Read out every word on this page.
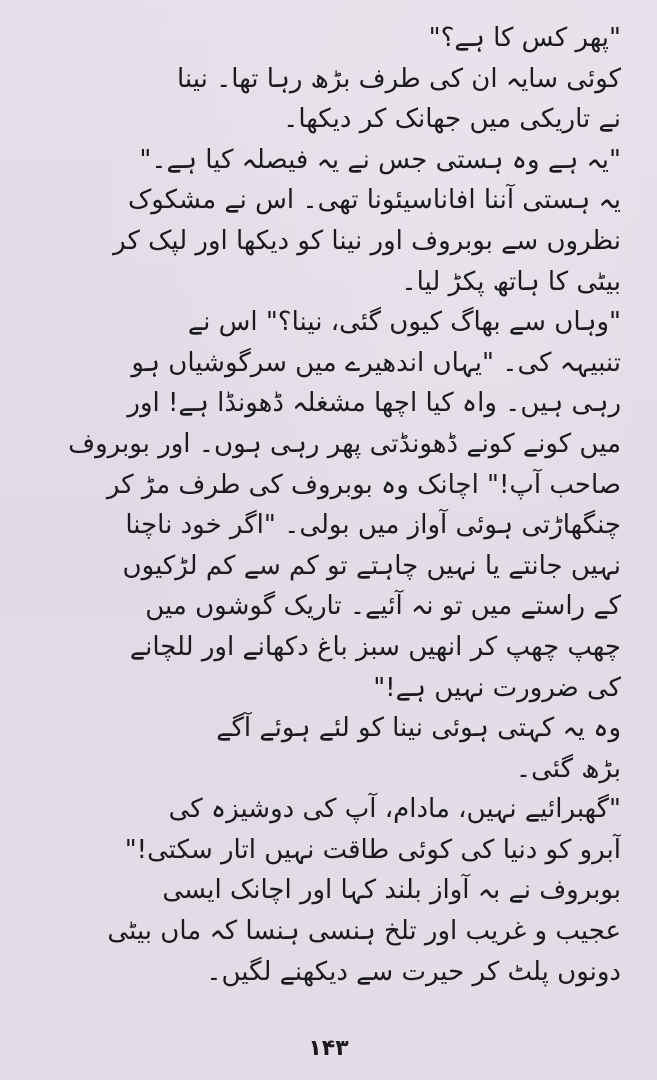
"پھر کس کا ہے؟"
کوئی سایہ ان کی طرف بڑھ رہا تھا۔ نینا
نے تاریکی میں جھانک کر دیکھا۔
"یہ ہے وہ ہستی جس نے یہ فیصلہ کیا ہے۔"
یہ ہستی آننا افاناسیئونا تھی۔ اس نے مشکوک
نظروں سے بوبروف اور نینا کو دیکھا اور لپک کر
بیٹی کا ہاتھ پکڑ لیا۔
"وہاں سے بھاگ کیوں گئی، نینا؟" اس نے
تنبیہہ کی۔ "یہاں اندھیرے میں سرگوشیاں ہو
رہی ہیں۔ واہ کیا اچھا مشغلہ ڈھونڈا ہے! اور
میں کونے کونے ڈھونڈتی پھر رہی ہوں۔ اور بوبروف
صاحب آپ!" اچانک وہ بوبروف کی طرف مڑ کر
چنگھاڑتی ہوئی آواز میں بولی۔ "اگر خود ناچنا
نہیں جانتے یا نہیں چاہتے تو کم سے کم لڑکیوں
کے راستے میں تو نہ آئیے۔ تاریک گوشوں میں
چھپ چھپ کر انھیں سبز باغ دکھانے اور للچانے
کی ضرورت نہیں ہے!"
وہ یہ کہتی ہوئی نینا کو لئے ہوئے آگے
بڑھ گئی۔
"گھبرائیے نہیں، مادام، آپ کی دوشیزہ کی
آبرو کو دنیا کی کوئی طاقت نہیں اتار سکتی!"
بوبروف نے بہ آواز بلند کہا اور اچانک ایسی
عجیب و غریب اور تلخ ہنسی ہنسا کہ ماں بیٹی
دونوں پلٹ کر حیرت سے دیکھنے لگیں۔
۱۴۳
